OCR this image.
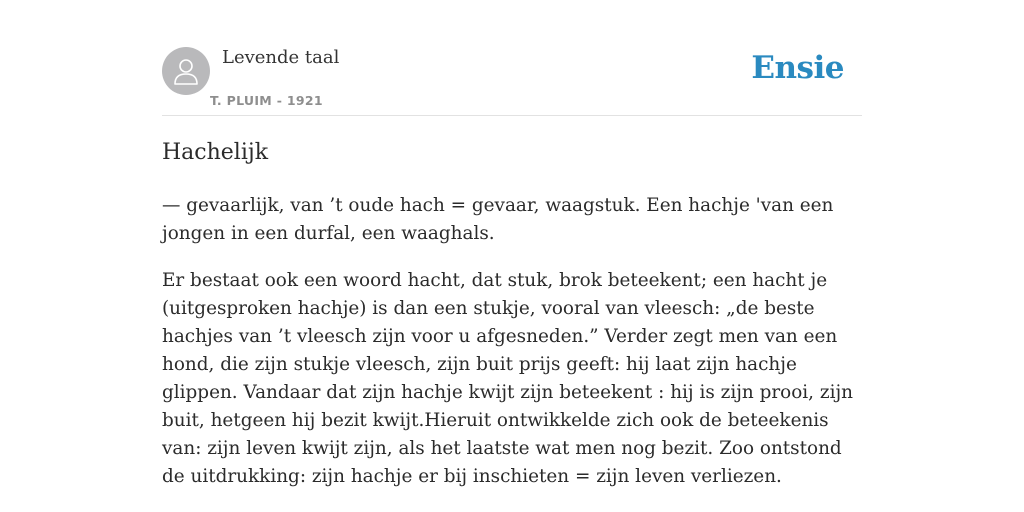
Levende taal
T. PLUIM - 1921
Ensie
Hachelijk

— gevaarlijk, van ’t oude hach = gevaar, waagstuk. Een hachje 'van een jongen in een durfal, een waaghals.

Er bestaat ook een woord hacht, dat stuk, brok beteekent; een hacht je (uitgesproken hachje) is dan een stukje, vooral van vleesch: „de beste hachjes van ’t vleesch zijn voor u afgesneden.” Verder zegt men van een hond, die zijn stukje vleesch, zijn buit prijs geeft: hij laat zijn hachje glippen. Vandaar dat zijn hachje kwijt zijn beteekent : hij is zijn prooi, zijn buit, hetgeen hij bezit kwijt.Hieruit ontwikkelde zich ook de beteekenis van: zijn leven kwijt zijn, als het laatste wat men nog bezit. Zoo ontstond de uitdrukking: zijn hachje er bij inschieten = zijn leven verliezen.
